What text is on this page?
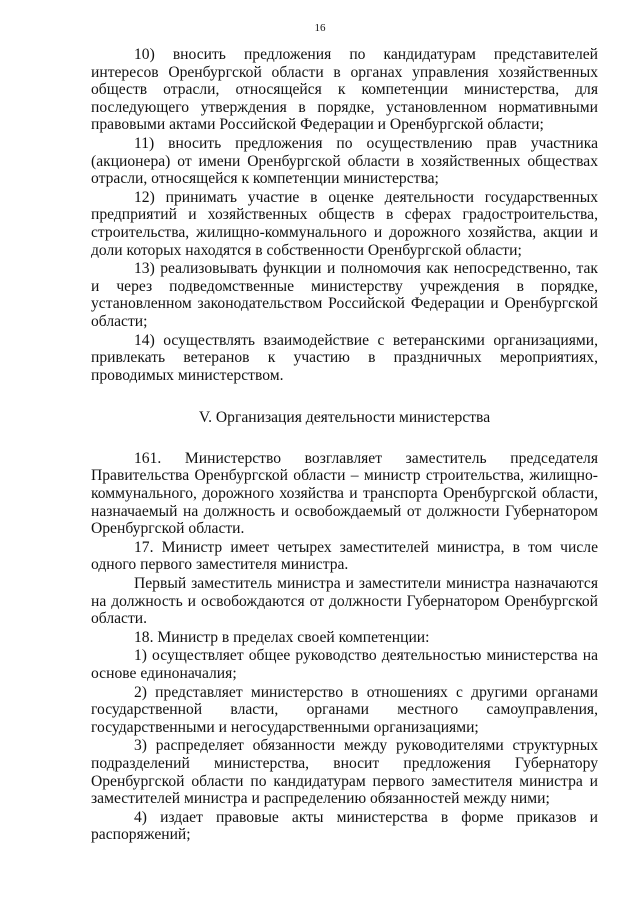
16

10) вносить предложения по кандидатурам представителей интересов Оренбургской области в органах управления хозяйственных обществ отрасли, относящейся к компетенции министерства, для последующего утверждения в порядке, установленном нормативными правовыми актами Российской Федерации и Оренбургской области;

11) вносить предложения по осуществлению прав участника (акционера) от имени Оренбургской области в хозяйственных обществах отрасли, относящейся к компетенции министерства;

12) принимать участие в оценке деятельности государственных предприятий и хозяйственных обществ в сферах градостроительства, строительства, жилищно-коммунального и дорожного хозяйства, акции и доли которых находятся в собственности Оренбургской области;

13) реализовывать функции и полномочия как непосредственно, так и через подведомственные министерству учреждения в порядке, установленном законодательством Российской Федерации и Оренбургской области;

14) осуществлять взаимодействие с ветеранскими организациями, привлекать ветеранов к участию в праздничных мероприятиях, проводимых министерством.

V. Организация деятельности министерства

161. Министерство возглавляет заместитель председателя Правительства Оренбургской области – министр строительства, жилищно-коммунального, дорожного хозяйства и транспорта Оренбургской области, назначаемый на должность и освобождаемый от должности Губернатором Оренбургской области.

17. Министр имеет четырех заместителей министра, в том числе одного первого заместителя министра.

Первый заместитель министра и заместители министра назначаются на должность и освобождаются от должности Губернатором Оренбургской области.

18. Министр в пределах своей компетенции:

1) осуществляет общее руководство деятельностью министерства на основе единоначалия;

2) представляет министерство в отношениях с другими органами государственной власти, органами местного самоуправления, государственными и негосударственными организациями;

3) распределяет обязанности между руководителями структурных подразделений министерства, вносит предложения Губернатору Оренбургской области по кандидатурам первого заместителя министра и заместителей министра и распределению обязанностей между ними;

4) издает правовые акты министерства в форме приказов и распоряжений;
